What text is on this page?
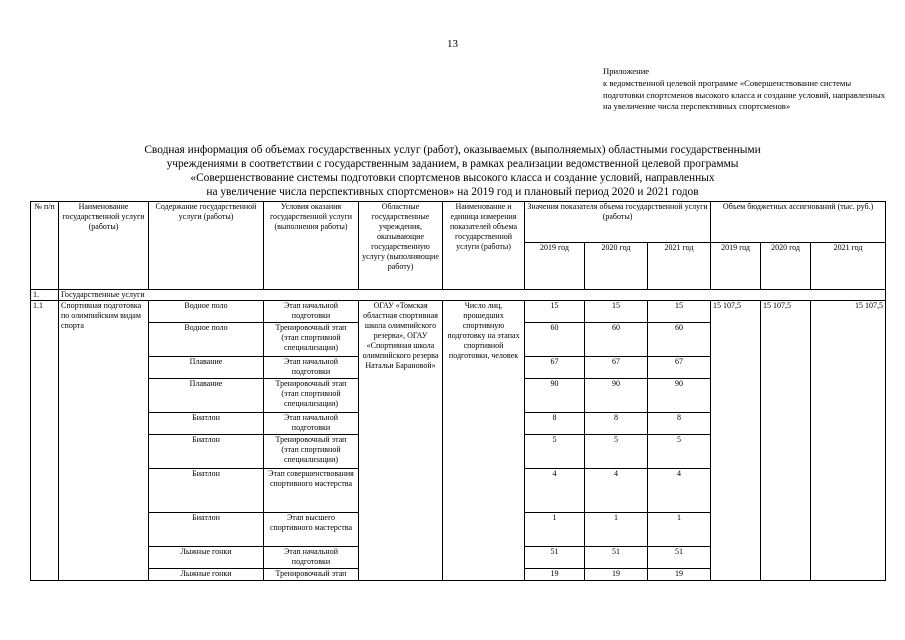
13
Приложение
к ведомственной целевой программе «Совершенствование системы подготовки спортсменов высокого класса и создание условий, направленных на увеличение числа перспективных спортсменов»
Сводная информация об объемах государственных услуг (работ), оказываемых (выполняемых) областными государственными
учреждениями в соответствии с государственным заданием, в рамках реализации ведомственной целевой программы
«Совершенствование системы подготовки спортсменов высокого класса и создание условий, направленных
на увеличение числа перспективных спортсменов» на 2019 год и плановый период 2020 и 2021 годов
№ п/п	Наименование государственной услуги (работы)	Содержание государственной услуги (работы)	Условия оказания государственной услуги (выполнения работы)	Областные государственные учреждения, оказывающие государственную услугу (выполняющие работу)	Наименование и единица измерения показателей объема государственной услуги (работы)	Значения показателя объема государственной услуги (работы)			Объем бюджетных ассигнований (тыс. руб.)		
						2019 год	2020 год	2021 год	2019 год	2020 год	2021 год
1.	Государственные услуги										
1.1	Спортивная подготовка по олимпийским видам спорта	Водное поло	Этап начальной подготовки	ОГАУ «Томская областная спортивная школа олимпийского резерва», ОГАУ «Спортивная школа олимпийского резерва Натальи Барановой»	Число лиц, прошедших спортивную подготовку на этапах спортивной подготовки, человек	15	15	15	15 107,5	15 107,5	15 107,5
		Водное поло	Тренировочный этап (этап спортивной специализации)			60	60	60			
		Плавание	Этап начальной подготовки			67	67	67			
		Плавание	Тренировочный этап (этап спортивной специализации)			90	90	90			
		Биатлон	Этап начальной подготовки			8	8	8			
		Биатлон	Тренировочный этап (этап спортивной специализации)			5	5	5			
		Биатлон	Этап совершенствования спортивного мастерства			4	4	4			
		Биатлон	Этап высшего спортивного мастерства			1	1	1			
		Лыжные гонки	Этап начальной подготовки			51	51	51			
		Лыжные гонки	Тренировочный этап			19	19	19			
